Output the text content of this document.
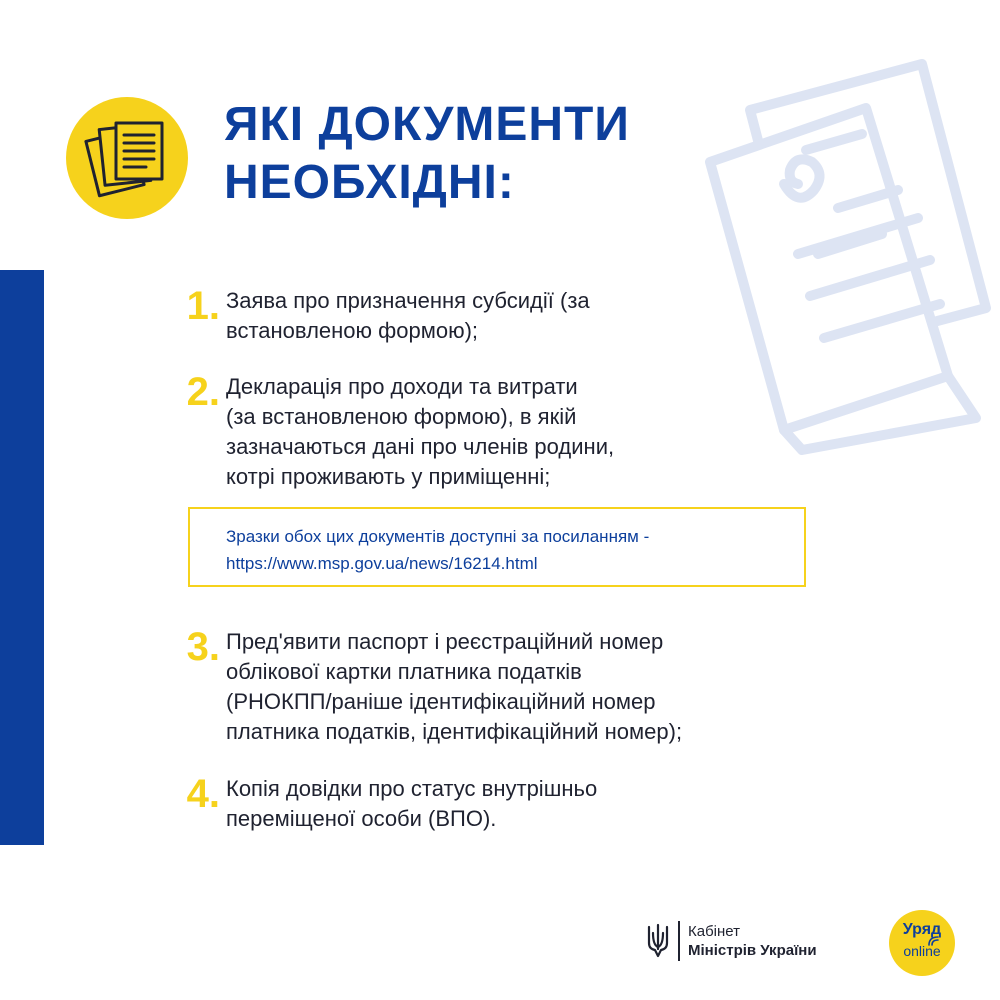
ЯКІ ДОКУМЕНТИ
НЕОБХІДНІ:
1. Заява про призначення субсидії (за
встановленою формою);
2. Декларація про доходи та витрати
(за встановленою формою), в якій
зазначаються дані про членів родини,
котрі проживають у приміщенні;
3. Пред'явити паспорт і реєстраційний номер
облікової картки платника податків
(РНОКПП/раніше ідентифікаційний номер
платника податків, ідентифікаційний номер);
4. Копія довідки про статус внутрішньо
переміщеної особи (ВПО).
Зразки обох цих документів доступні за посиланням -
https://www.msp.gov.ua/news/16214.html
Кабінет
Міністрів України
Уряд
online
